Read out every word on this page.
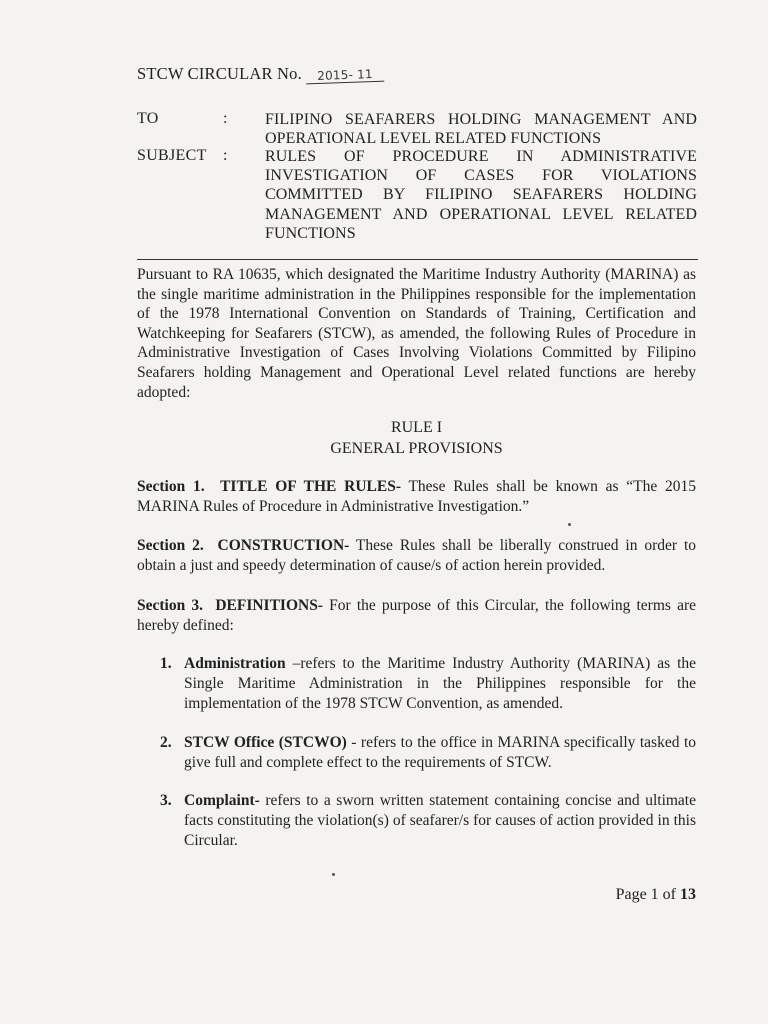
STCW CIRCULAR No. 2015- 11
TO	: FILIPINO SEAFARERS HOLDING MANAGEMENT AND OPERATIONAL LEVEL RELATED FUNCTIONS
SUBJECT	: RULES OF PROCEDURE IN ADMINISTRATIVE INVESTIGATION OF CASES FOR VIOLATIONS COMMITTED BY FILIPINO SEAFARERS HOLDING MANAGEMENT AND OPERATIONAL LEVEL RELATED FUNCTIONS
Pursuant to RA 10635, which designated the Maritime Industry Authority (MARINA) as the single maritime administration in the Philippines responsible for the implementation of the 1978 International Convention on Standards of Training, Certification and Watchkeeping for Seafarers (STCW), as amended, the following Rules of Procedure in Administrative Investigation of Cases Involving Violations Committed by Filipino Seafarers holding Management and Operational Level related functions are hereby adopted:
RULE I
GENERAL PROVISIONS
Section 1. TITLE OF THE RULES- These Rules shall be known as “The 2015 MARINA Rules of Procedure in Administrative Investigation.”
Section 2. CONSTRUCTION- These Rules shall be liberally construed in order to obtain a just and speedy determination of cause/s of action herein provided.
Section 3. DEFINITIONS- For the purpose of this Circular, the following terms are hereby defined:
1. Administration –refers to the Maritime Industry Authority (MARINA) as the Single Maritime Administration in the Philippines responsible for the implementation of the 1978 STCW Convention, as amended.
2. STCW Office (STCWO) - refers to the office in MARINA specifically tasked to give full and complete effect to the requirements of STCW.
3. Complaint- refers to a sworn written statement containing concise and ultimate facts constituting the violation(s) of seafarer/s for causes of action provided in this Circular.
Page 1 of 13
